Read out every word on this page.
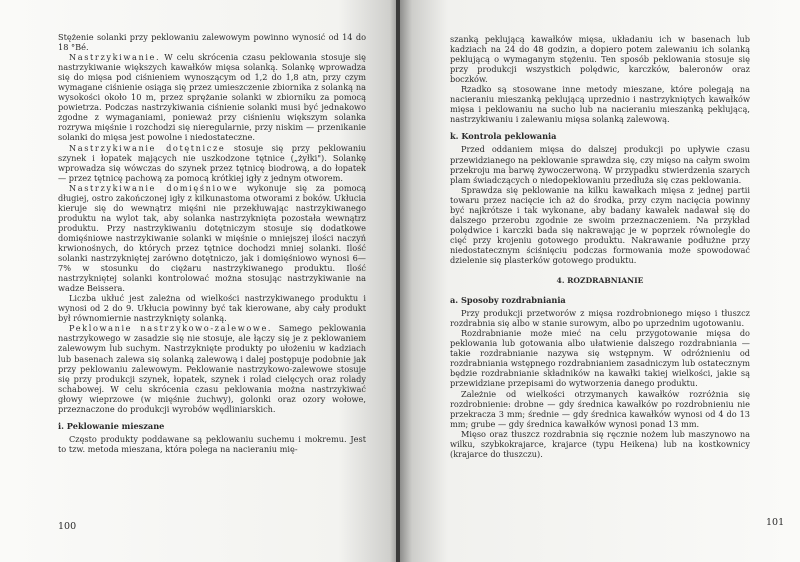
Stężenie solanki przy peklowaniu zalewowym powinno wynosić od 14 do 18 °Bé.

Nastrzykiwanie. W celu skrócenia czasu peklowania stosuje się nastrzykiwanie większych kawałków mięsa solanką. Solankę wprowadza się do mięsa pod ciśnieniem wynoszącym od 1,2 do 1,8 atn, przy czym wymagane ciśnienie osiąga się przez umieszczenie zbiornika z solanką na wysokości około 10 m, przez sprężanie solanki w zbiorniku za pomocą powietrza. Podczas nastrzykiwania ciśnienie solanki musi być jednakowo zgodne z wymaganiami, ponieważ przy ciśnieniu większym solanka rozrywa mięśnie i rozchodzi się nieregularnie, przy niskim — przenikanie solanki do mięsa jest powolne i niedostateczne.

Nastrzykiwanie dotętnicze stosuje się przy peklowaniu szynek i łopatek mających nie uszkodzone tętnice („żyłki"). Solankę wprowadza się wówczas do szynek przez tętnicę biodrową, a do łopatek — przez tętnicę pachową za pomocą krótkiej igły z jednym otworem.

Nastrzykiwanie domięśniowe wykonuje się za pomocą długiej, ostro zakończonej igły z kilkunastoma otworami z boków. Ukłucia kieruje się do wewnątrz mięśni nie przekłuwając nastrzykiwanego produktu na wylot tak, aby solanka nastrzyknięta pozostała wewnątrz produktu. Przy nastrzykiwaniu dotętniczym stosuje się dodatkowe domięśniowe nastrzykiwanie solanki w mięśnie o mniejszej ilości naczyń krwionośnych, do których przez tętnice dochodzi mniej solanki. Ilość solanki nastrzykniętej zarówno dotętniczo, jak i domięśniowo wynosi 6—7% w stosunku do ciężaru nastrzykiwanego produktu. Ilość nastrzykniętej solanki kontrolować można stosując nastrzykiwanie na wadze Beissera.

Liczba ukłuć jest zależna od wielkości nastrzykiwanego produktu i wynosi od 2 do 9. Ukłucia powinny być tak kierowane, aby cały produkt był równomiernie nastrzyknięty solanką.

Peklowanie nastrzykowo-zalewowe. Samego peklowania nastrzykowego w zasadzie się nie stosuje, ale łączy się je z peklowaniem zalewowym lub suchym. Nastrzyknięte produkty po ułożeniu w kadziach lub basenach zalewa się solanką zalewową i dalej postępuje podobnie jak przy peklowaniu zalewowym. Peklowanie nastrzykowo-zalewowe stosuje się przy produkcji szynek, łopatek, szynek i rolad cielęcych oraz rolady schabowej. W celu skrócenia czasu peklowania można nastrzykiwać głowy wieprzowe (w mięśnie żuchwy), golonki oraz ozory wołowe, przeznaczone do produkcji wyrobów wędliniarskich.

i. Peklowanie mieszane

Często produkty poddawane są peklowaniu suchemu i mokremu. Jest to tzw. metoda mieszana, która polega na nacieraniu mię-

100

szanką peklującą kawałków mięsa, układaniu ich w basenach lub kadziach na 24 do 48 godzin, a dopiero potem zalewaniu ich solanką peklującą o wymaganym stężeniu. Ten sposób peklowania stosuje się przy produkcji wszystkich polędwic, karczków, baleronów oraz boczków.

Rzadko są stosowane inne metody mieszane, które polegają na nacieraniu mieszanką peklującą uprzednio i nastrzykniętych kawałków mięsa i peklowaniu na sucho lub na nacieraniu mieszanką peklującą, nastrzykiwaniu i zalewaniu mięsa solanką zalewową.

k. Kontrola peklowania

Przed oddaniem mięsa do dalszej produkcji po upływie czasu przewidzianego na peklowanie sprawdza się, czy mięso na całym swoim przekroju ma barwę żywoczerwoną. W przypadku stwierdzenia szarych plam świadczących o niedopeklowaniu przedłuża się czas peklowania.

Sprawdza się peklowanie na kilku kawałkach mięsa z jednej partii towaru przez nacięcie ich aż do środka, przy czym nacięcia powinny być najkrótsze i tak wykonane, aby badany kawałek nadawał się do dalszego przerobu zgodnie ze swoim przeznaczeniem. Na przykład polędwice i karczki bada się nakrawając je w poprzek równolegle do cięć przy krojeniu gotowego produktu. Nakrawanie podłużne przy niedostatecznym ściśnięciu podczas formowania może spowodować dzielenie się plasterków gotowego produktu.

4. ROZDRABNIANIE
a. Sposoby rozdrabniania

Przy produkcji przetworów z mięsa rozdrobnionego mięso i tłuszcz rozdrabnia się albo w stanie surowym, albo po uprzednim ugotowaniu.

Rozdrabnianie może mieć na celu przygotowanie mięsa do peklowania lub gotowania albo ułatwienie dalszego rozdrabniania — takie rozdrabnianie nazywa się wstępnym. W odróżnieniu od rozdrabniania wstępnego rozdrabnianiem zasadniczym lub ostatecznym będzie rozdrabnianie składników na kawałki takiej wielkości, jakie są przewidziane przepisami do wytworzenia danego produktu.

Zależnie od wielkości otrzymanych kawałków rozróżnia się rozdrobnienie: drobne — gdy średnica kawałków po rozdrobnieniu nie przekracza 3 mm; średnie — gdy średnica kawałków wynosi od 4 do 13 mm; grube — gdy średnica kawałków wynosi ponad 13 mm.

Mięso oraz tłuszcz rozdrabnia się ręcznie nożem lub maszynowo na wilku, szybkokrajarce, krajarce (typu Heikena) lub na kostkownicy (krajarce do tłuszczu).

101
